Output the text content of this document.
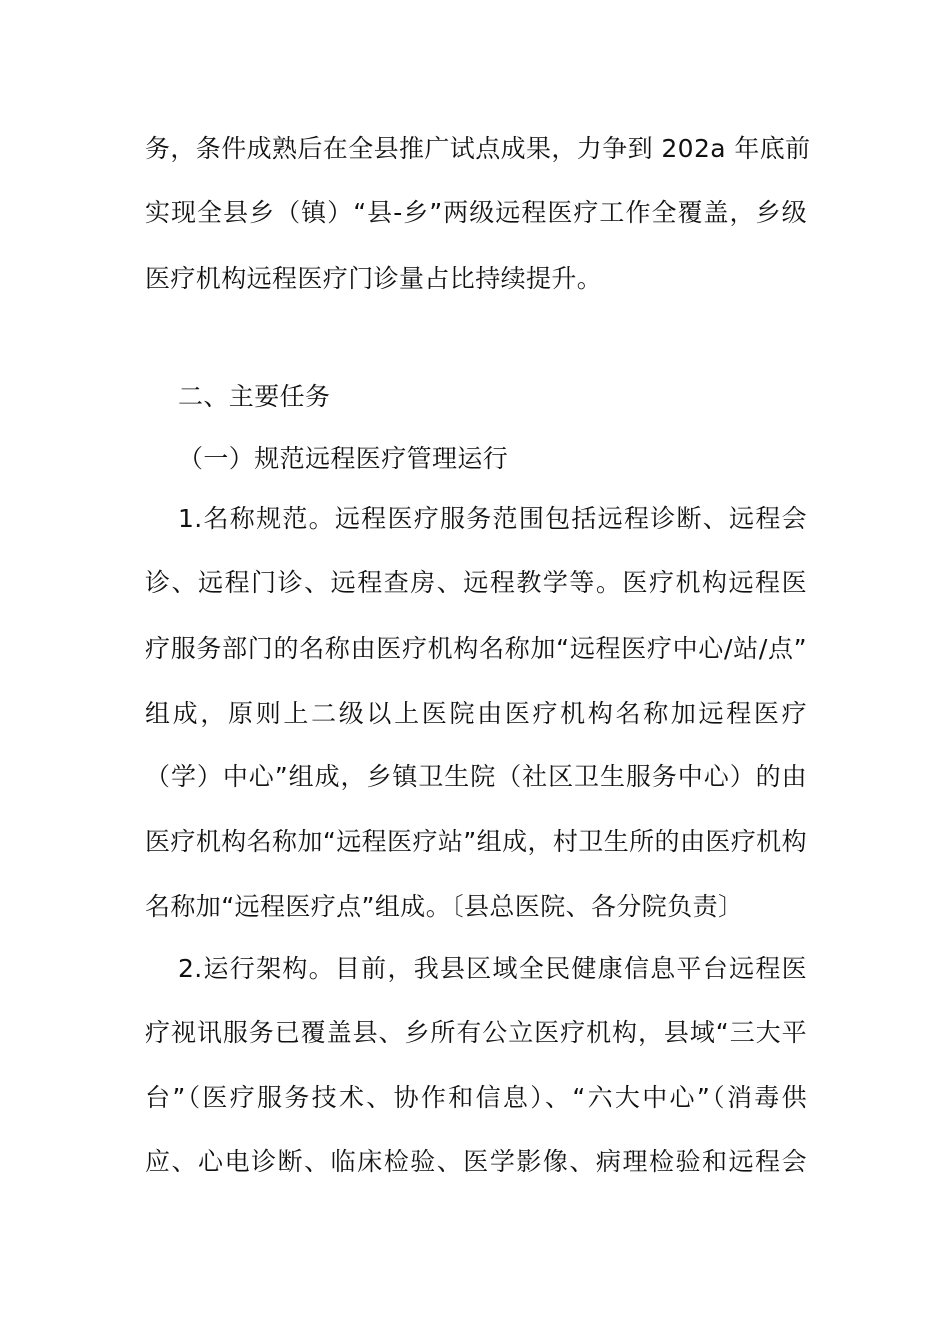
务，条件成熟后在全县推广试点成果，力争到 202a 年底前
实现全县乡（镇）“县-乡”两级远程医疗工作全覆盖，乡级
医疗机构远程医疗门诊量占比持续提升。
二、主要任务
（一）规范远程医疗管理运行
1.名称规范。远程医疗服务范围包括远程诊断、远程会
诊、远程门诊、远程查房、远程教学等。医疗机构远程医
疗服务部门的名称由医疗机构名称加“远程医疗中心/站/点”
组成，原则上二级以上医院由医疗机构名称加远程医疗
（学）中心”组成，乡镇卫生院（社区卫生服务中心）的由
医疗机构名称加“远程医疗站”组成，村卫生所的由医疗机构
名称加“远程医疗点”组成。〔县总医院、各分院负责〕
2.运行架构。目前，我县区域全民健康信息平台远程医
疗视讯服务已覆盖县、乡所有公立医疗机构，县域“三大平
台”（医疗服务技术、协作和信息）、“六大中心”（消毒供
应、心电诊断、临床检验、医学影像、病理检验和远程会
